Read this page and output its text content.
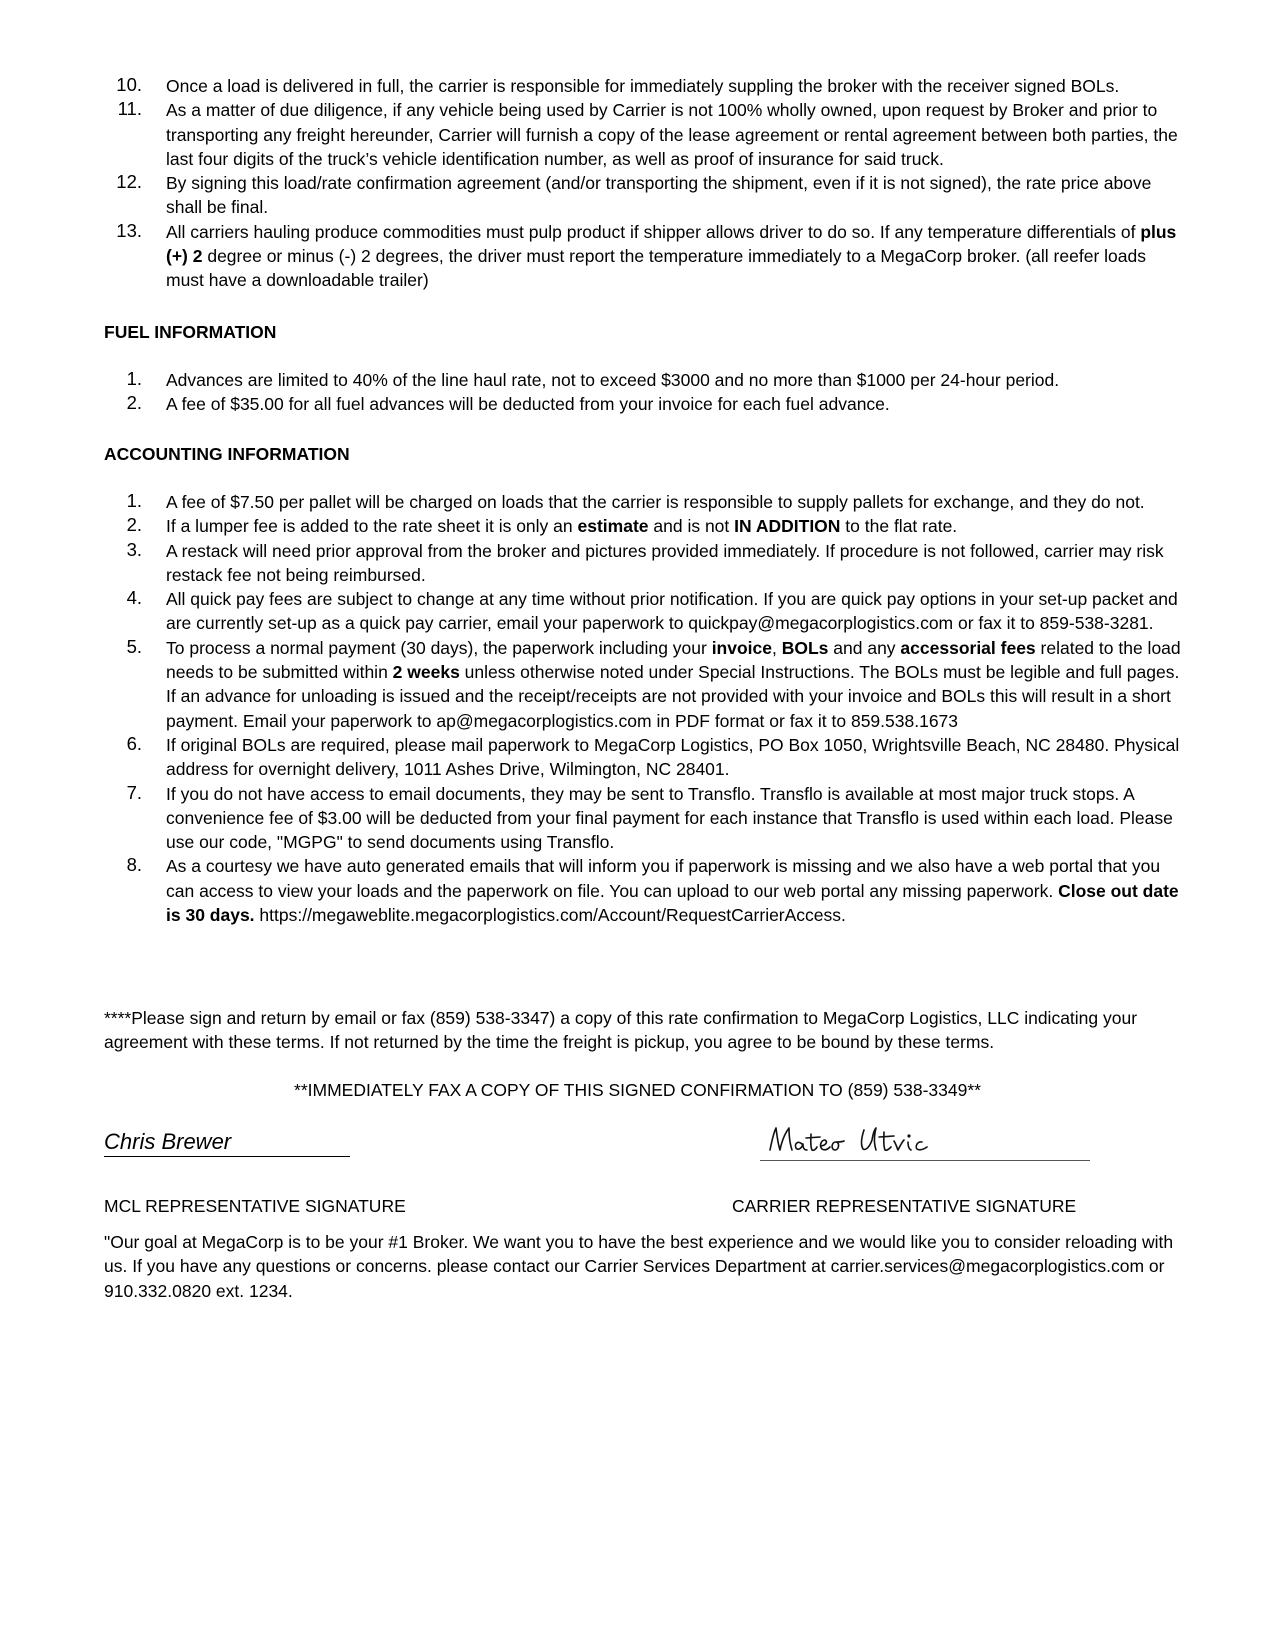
10. Once a load is delivered in full, the carrier is responsible for immediately suppling the broker with the receiver signed BOLs.
11. As a matter of due diligence, if any vehicle being used by Carrier is not 100% wholly owned, upon request by Broker and prior to transporting any freight hereunder, Carrier will furnish a copy of the lease agreement or rental agreement between both parties, the last four digits of the truck’s vehicle identification number, as well as proof of insurance for said truck.
12. By signing this load/rate confirmation agreement (and/or transporting the shipment, even if it is not signed), the rate price above shall be final.
13. All carriers hauling produce commodities must pulp product if shipper allows driver to do so. If any temperature differentials of plus (+) 2 degree or minus (-) 2 degrees, the driver must report the temperature immediately to a MegaCorp broker. (all reefer loads must have a downloadable trailer)
FUEL INFORMATION
1. Advances are limited to 40% of the line haul rate, not to exceed $3000 and no more than $1000 per 24-hour period.
2. A fee of $35.00 for all fuel advances will be deducted from your invoice for each fuel advance.
ACCOUNTING INFORMATION
1. A fee of $7.50 per pallet will be charged on loads that the carrier is responsible to supply pallets for exchange, and they do not.
2. If a lumper fee is added to the rate sheet it is only an estimate and is not IN ADDITION to the flat rate.
3. A restack will need prior approval from the broker and pictures provided immediately. If procedure is not followed, carrier may risk restack fee not being reimbursed.
4. All quick pay fees are subject to change at any time without prior notification. If you are quick pay options in your set-up packet and are currently set-up as a quick pay carrier, email your paperwork to quickpay@megacorplogistics.com or fax it to 859-538-3281.
5. To process a normal payment (30 days), the paperwork including your invoice, BOLs and any accessorial fees related to the load needs to be submitted within 2 weeks unless otherwise noted under Special Instructions. The BOLs must be legible and full pages. If an advance for unloading is issued and the receipt/receipts are not provided with your invoice and BOLs this will result in a short payment. Email your paperwork to ap@megacorplogistics.com in PDF format or fax it to 859.538.1673
6. If original BOLs are required, please mail paperwork to MegaCorp Logistics, PO Box 1050, Wrightsville Beach, NC 28480. Physical address for overnight delivery, 1011 Ashes Drive, Wilmington, NC 28401.
7. If you do not have access to email documents, they may be sent to Transflo. Transflo is available at most major truck stops. A convenience fee of $3.00 will be deducted from your final payment for each instance that Transflo is used within each load. Please use our code, "MGPG" to send documents using Transflo.
8. As a courtesy we have auto generated emails that will inform you if paperwork is missing and we also have a web portal that you can access to view your loads and the paperwork on file. You can upload to our web portal any missing paperwork. Close out date is 30 days. https://megaweblite.megacorplogistics.com/Account/RequestCarrierAccess.
****Please sign and return by email or fax (859) 538-3347) a copy of this rate confirmation to MegaCorp Logistics, LLC indicating your agreement with these terms. If not returned by the time the freight is pickup, you agree to be bound by these terms.
**IMMEDIATELY FAX A COPY OF THIS SIGNED CONFIRMATION TO (859) 538-3349**
Chris Brewer
MCL REPRESENTATIVE SIGNATURE	CARRIER REPRESENTATIVE SIGNATURE
"Our goal at MegaCorp is to be your #1 Broker. We want you to have the best experience and we would like you to consider reloading with us. If you have any questions or concerns. please contact our Carrier Services Department at carrier.services@megacorplogistics.com or 910.332.0820 ext. 1234.
